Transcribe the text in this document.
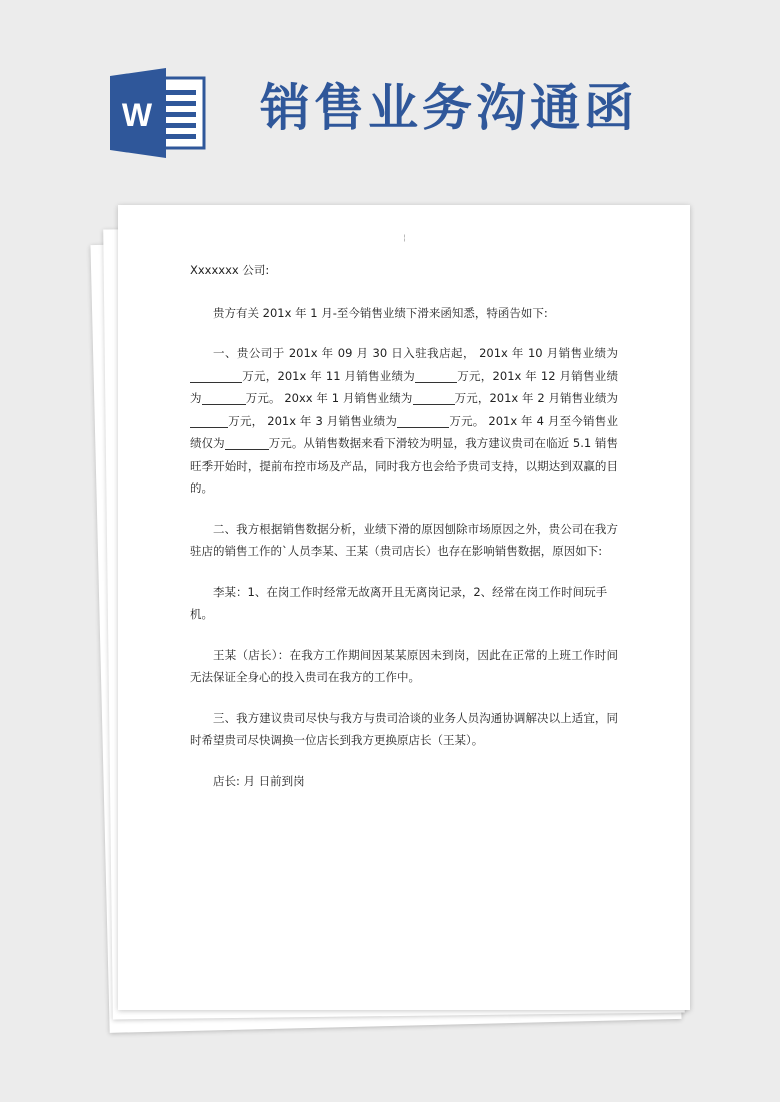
W 销售业务沟通函
¦

Xxxxxxx 公司:

贵方有关 201x 年 1 月-至今销售业绩下滑来函知悉，特函告如下:

一、贵公司于 201x 年 09 月 30 日入驻我店起， 201x 年 10 月销售业绩为万元，201x 年 11 月销售业绩为	万元，201x 年 12 月销售业绩为	万元。 20xx 年 1 月销售业绩为	万元，201x 年 2 月销售业绩为万元， 201x 年 3 月销售业绩为	万元。 201x 年 4 月至今销售业绩仅为	万元。从销售数据来看下滑较为明显，我方建议贵司在临近 5.1 销售旺季开始时，提前布控市场及产品，同时我方也会给予贵司支持，以期达到双赢的目的。

二、我方根据销售数据分析，业绩下滑的原因刨除市场原因之外，贵公司在我方驻店的销售工作的`人员李某、王某（贵司店长）也存在影响销售数据，原因如下:

李某：1、在岗工作时经常无故离开且无离岗记录，2、经常在岗工作时间玩手机。

王某（店长）：在我方工作期间因某某原因未到岗，因此在正常的上班工作时间无法保证全身心的投入贵司在我方的工作中。

三、我方建议贵司尽快与我方与贵司洽谈的业务人员沟通协调解决以上适宜，同时希望贵司尽快调换一位店长到我方更换原店长（王某）。

店长: 月 日前到岗
